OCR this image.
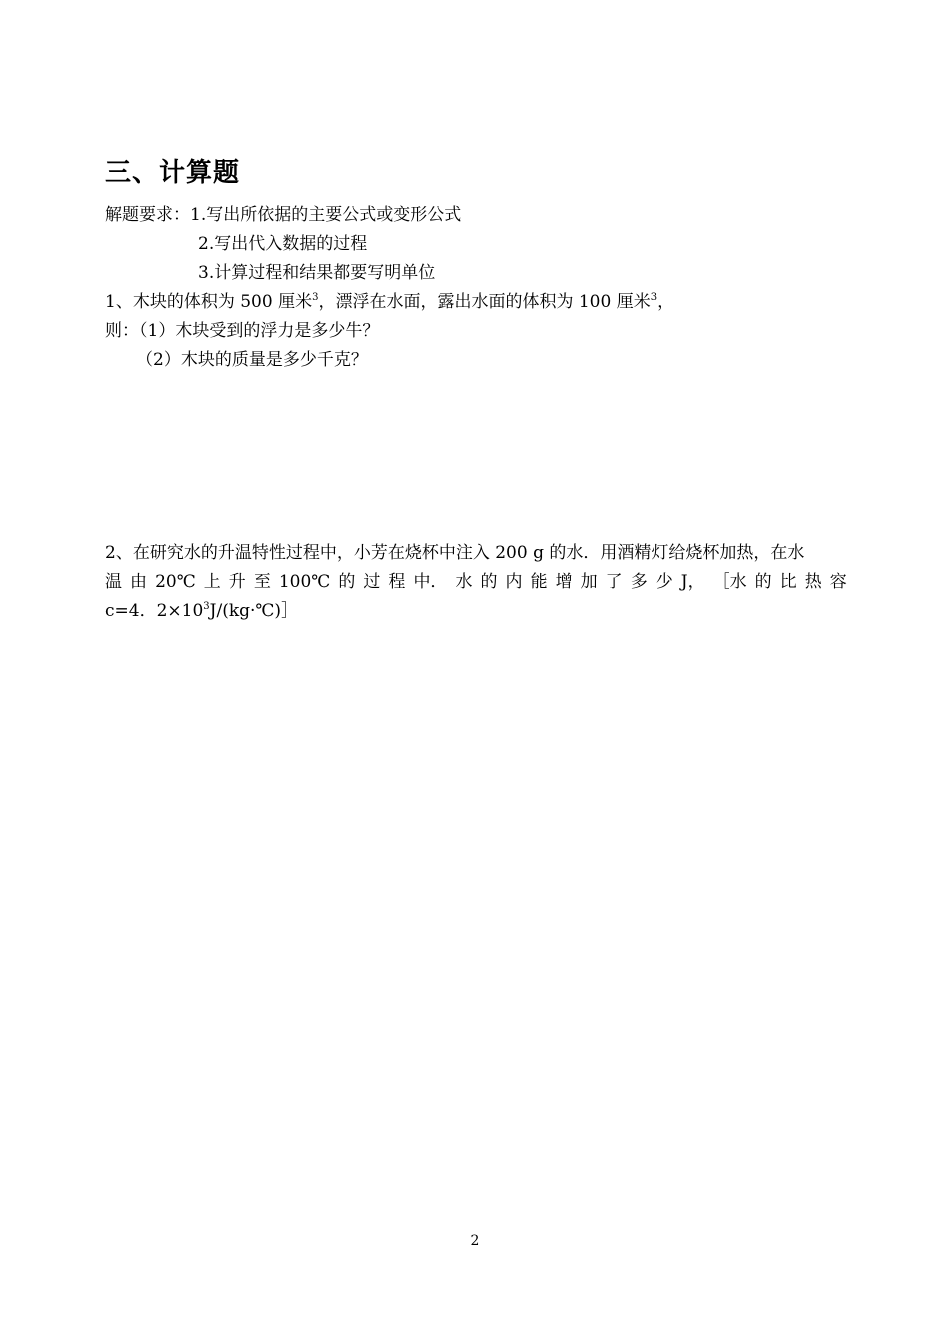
三、计算题
解题要求：1.写出所依据的主要公式或变形公式
2.写出代入数据的过程
3.计算过程和结果都要写明单位
1、木块的体积为 500 厘米$^3$，漂浮在水面，露出水面的体积为 100 厘米$^3$，
则：（1）木块受到的浮力是多少牛？
（2）木块的质量是多少千克？
2、在研究水的升温特性过程中，小芳在烧杯中注入 200 g 的水．用酒精灯给烧杯加热，在水
温 由 20℃ 上 升 至 100℃ 的 过 程 中． 水 的 内 能 增 加 了 多 少 J， ［水 的 比 热 容
c=4．$2\times 10^3J/(kg\cdot℃)]$
2
